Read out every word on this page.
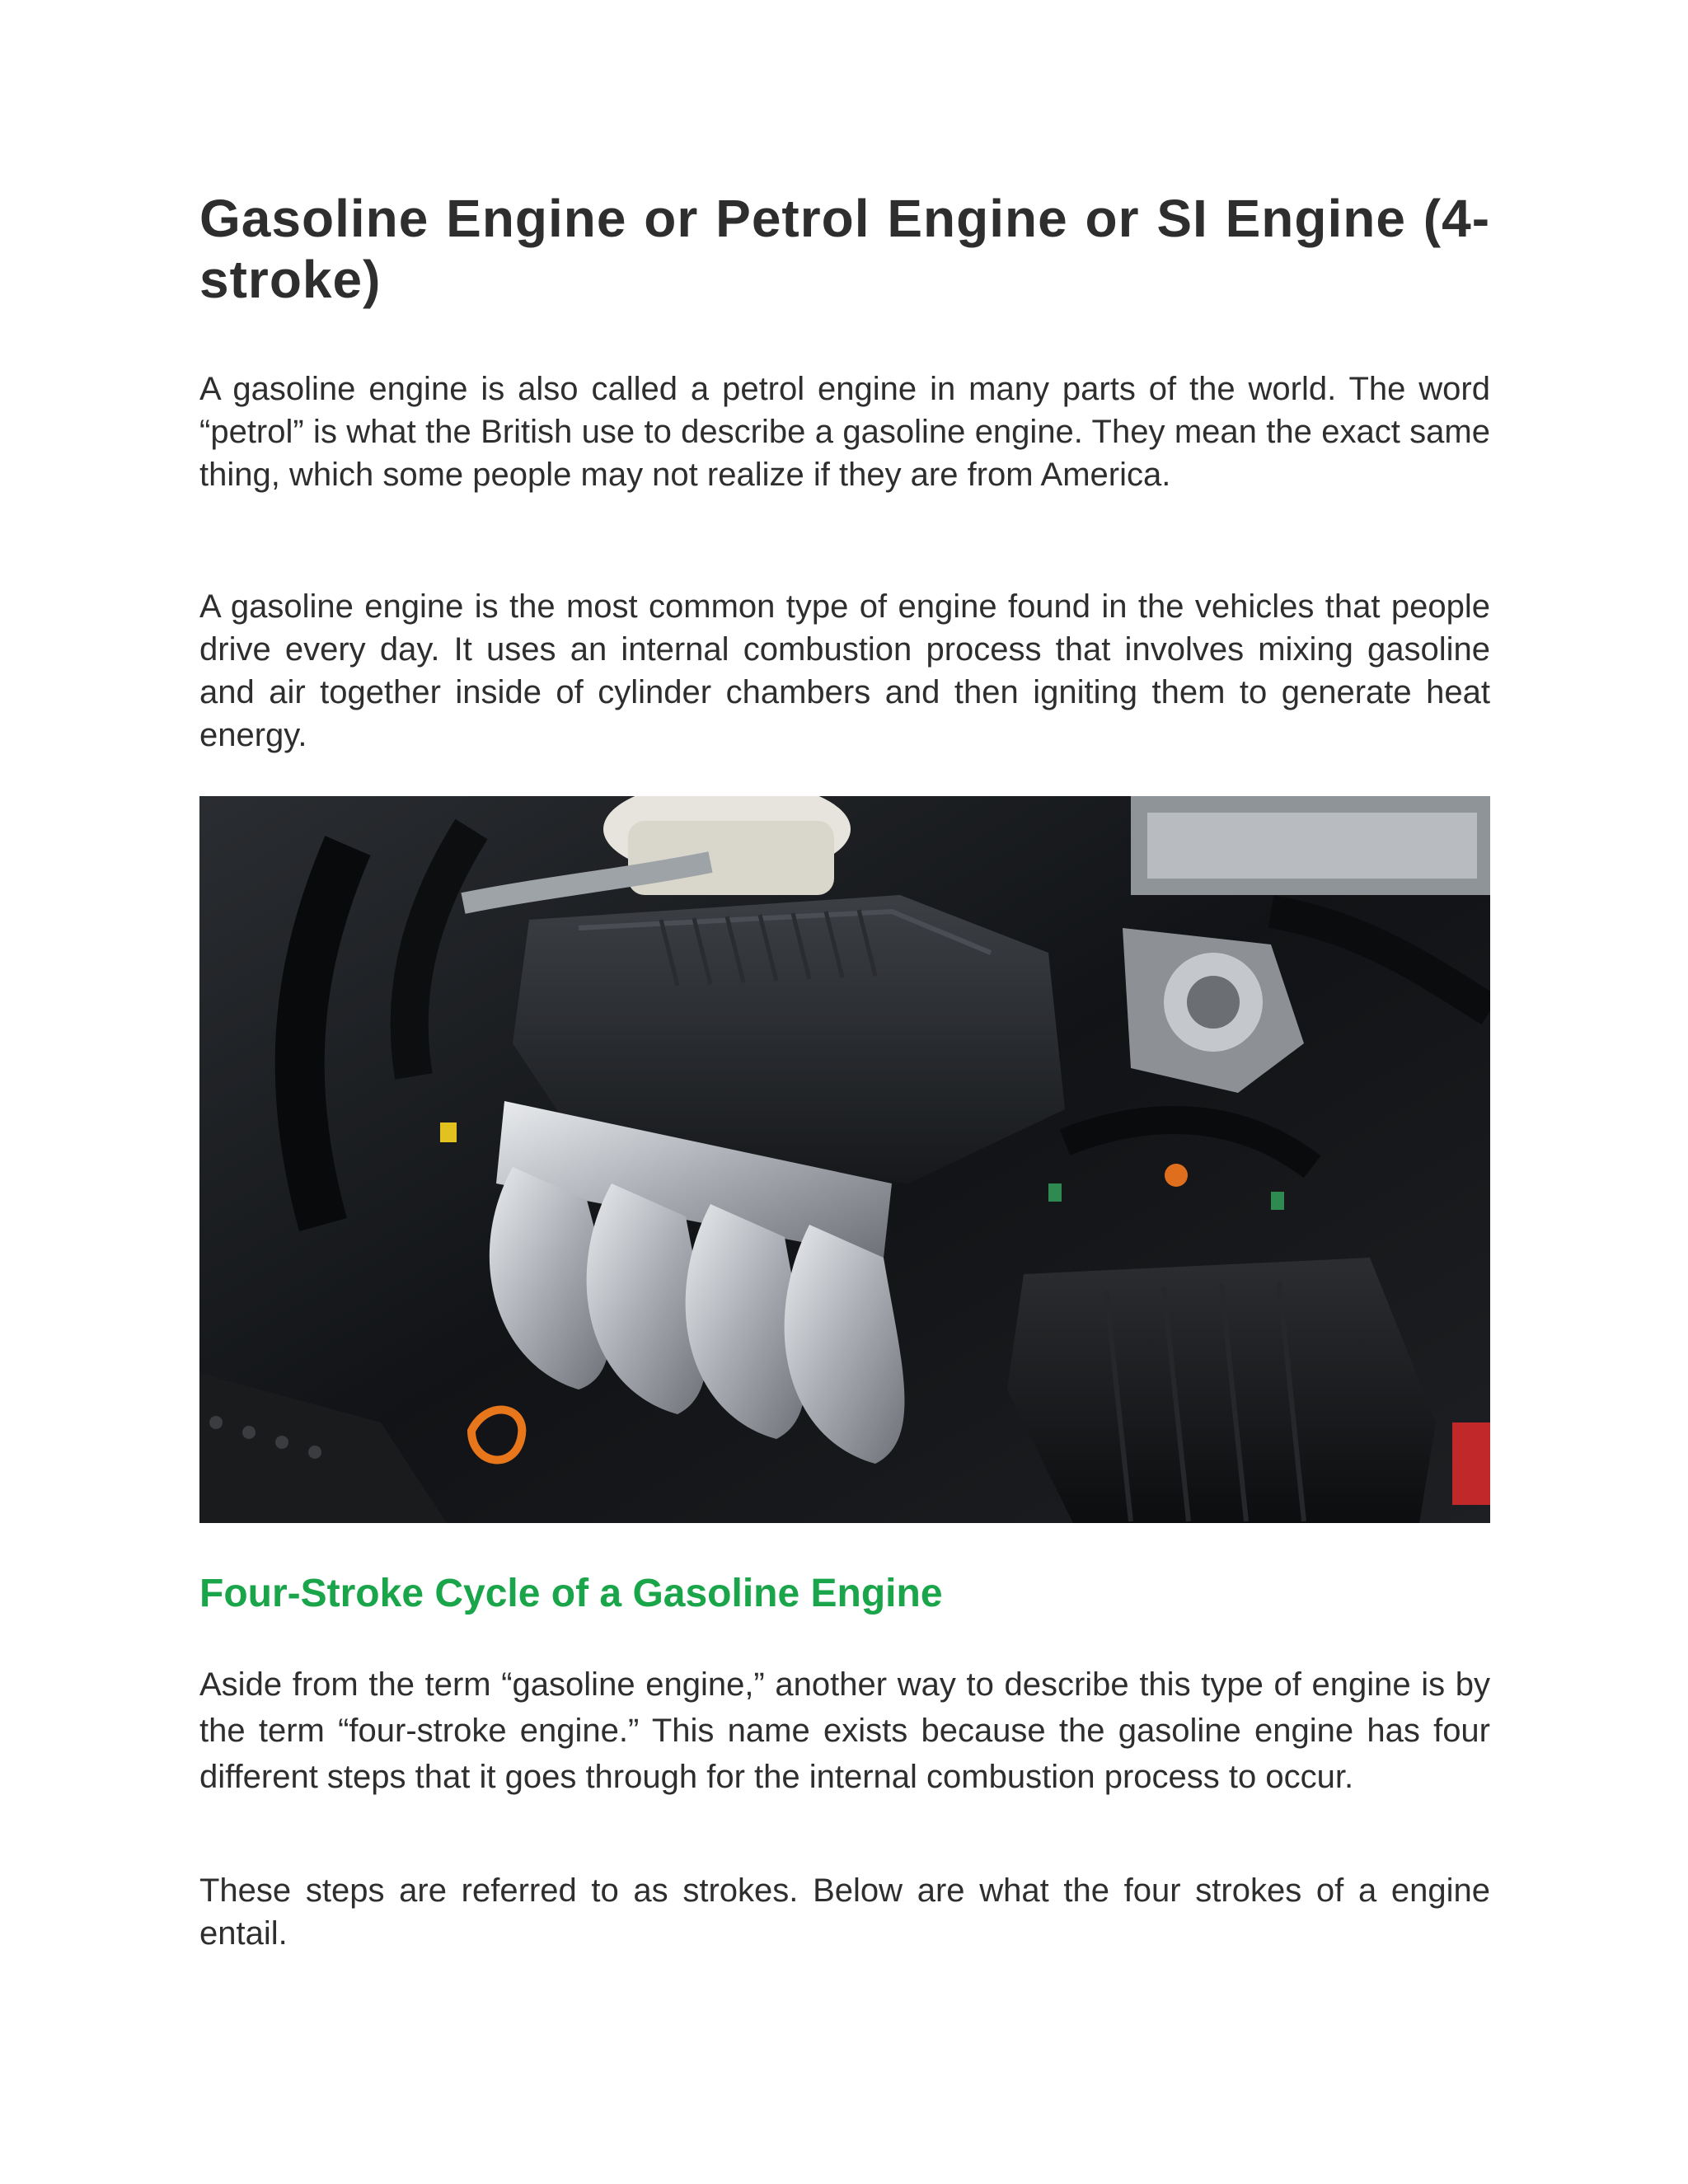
Gasoline Engine or Petrol Engine or SI Engine (4-stroke)

A gasoline engine is also called a petrol engine in many parts of the world. The word “petrol” is what the British use to describe a gasoline engine. They mean the exact same thing, which some people may not realize if they are from America.

A gasoline engine is the most common type of engine found in the vehicles that people drive every day. It uses an internal combustion process that involves mixing gasoline and air together inside of cylinder chambers and then igniting them to generate heat energy.

Four-Stroke Cycle of a Gasoline Engine

Aside from the term “gasoline engine,” another way to describe this type of engine is by the term “four-stroke engine.” This name exists because the gasoline engine has four different steps that it goes through for the internal combustion process to occur.

These steps are referred to as strokes. Below are what the four strokes of a engine entail.
